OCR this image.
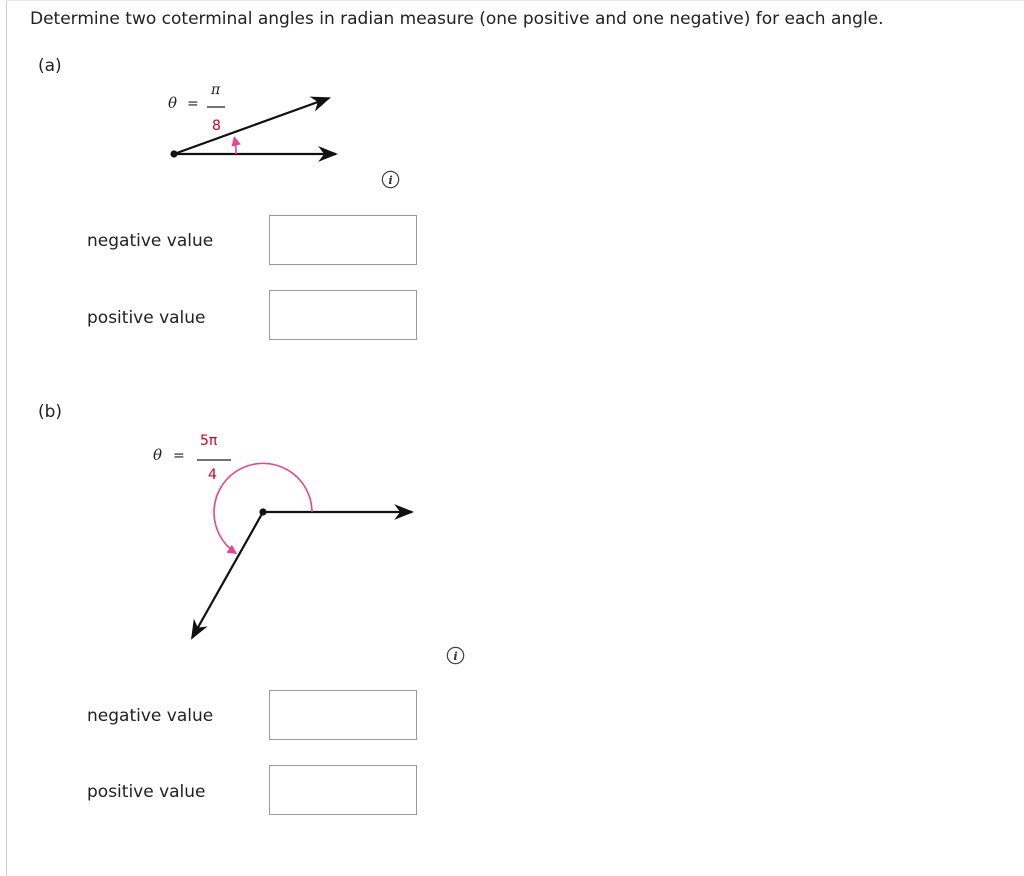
Determine two coterminal angles in radian measure (one positive and one negative) for each angle.
(a)
θ =
π
8
i
negative value
positive value
(b)
θ =
5π
4
i
negative value
positive value
